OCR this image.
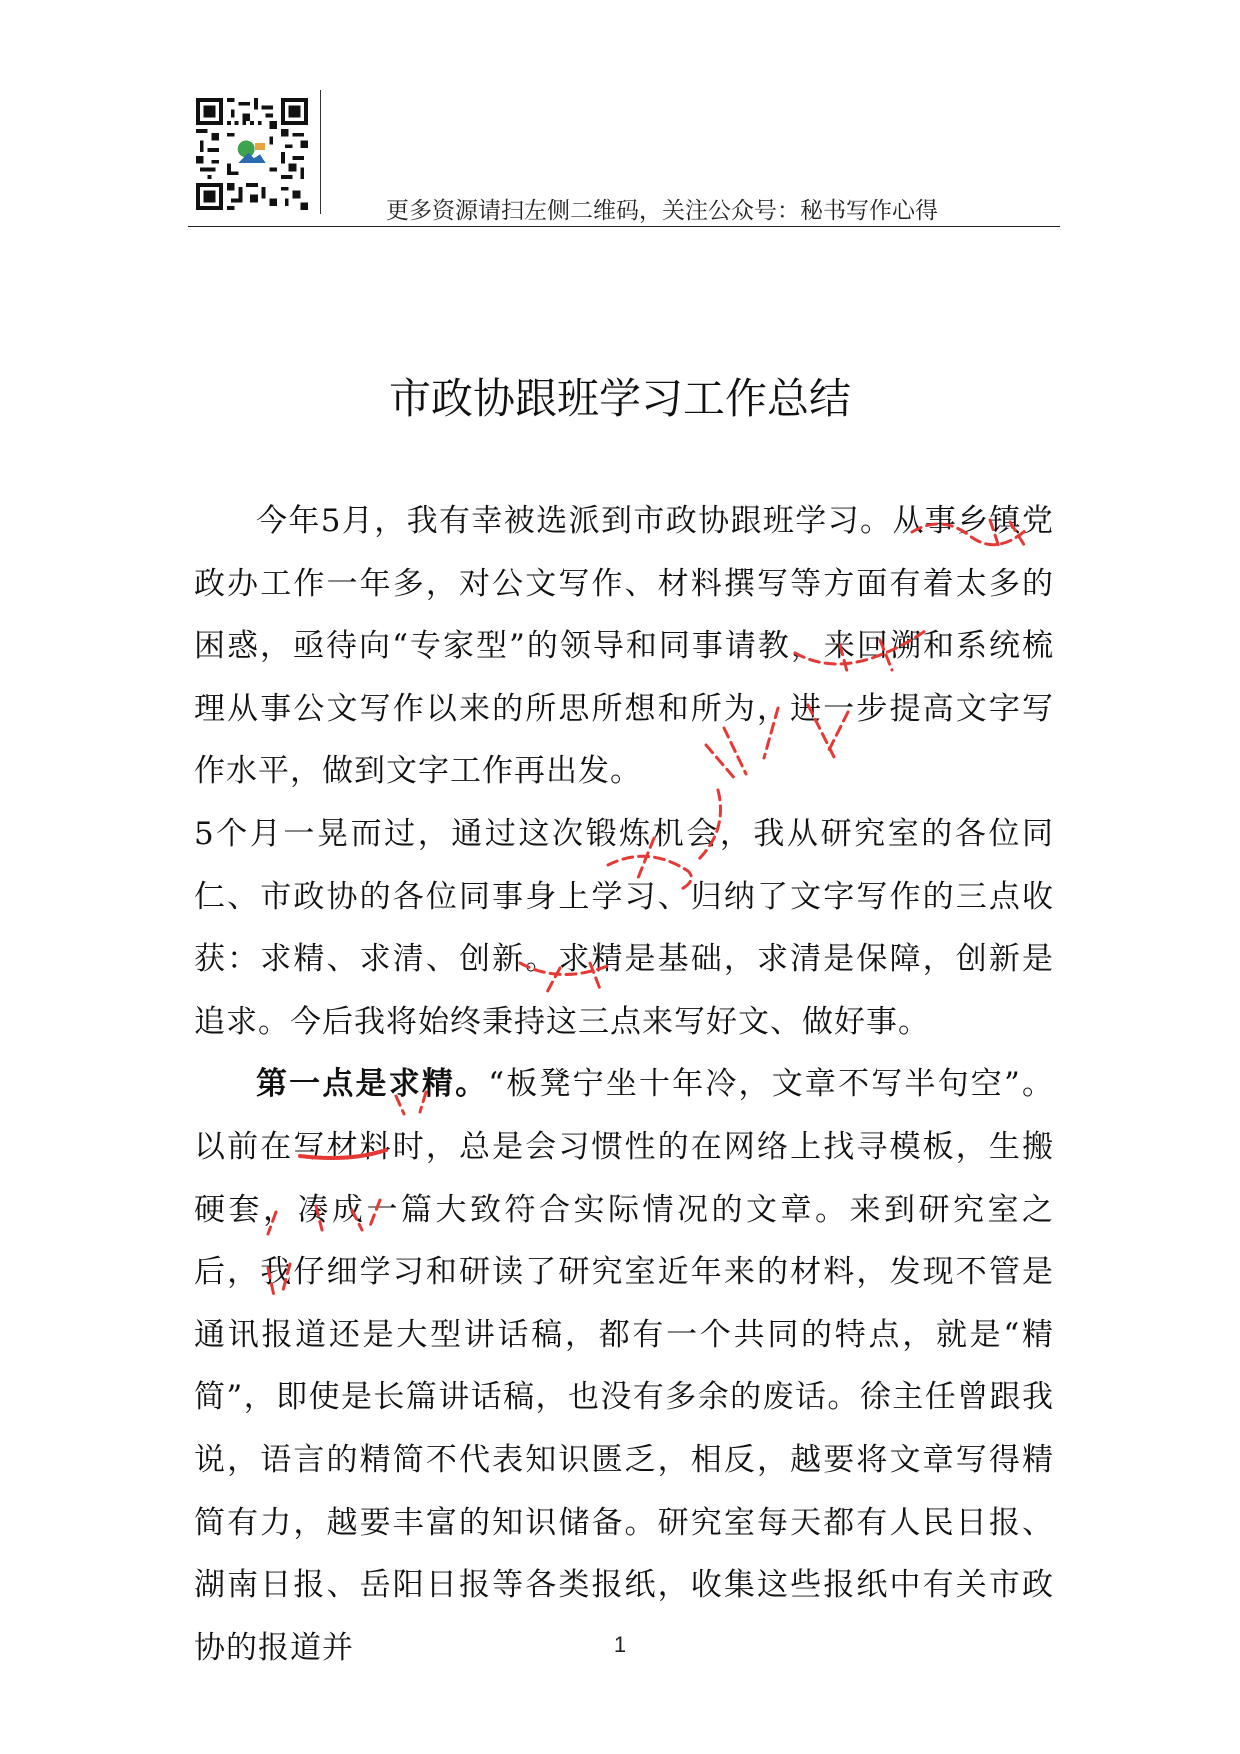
更多资源请扫左侧二维码，关注公众号：秘书写作心得
市政协跟班学习工作总结

今年5月，我有幸被选派到市政协跟班学习。从事乡镇党政办工作一年多，对公文写作、材料撰写等方面有着太多的困惑，亟待向“专家型”的领导和同事请教，来回溯和系统梳理从事公文写作以来的所思所想和所为，进一步提高文字写作水平，做到文字工作再出发。

5个月一晃而过，通过这次锻炼机会，我从研究室的各位同仁、市政协的各位同事身上学习、归纳了文字写作的三点收获：求精、求清、创新。求精是基础，求清是保障，创新是追求。今后我将始终秉持这三点来写好文、做好事。

第一点是求精。“板凳宁坐十年冷，文章不写半句空”。以前在写材料时，总是会习惯性的在网络上找寻模板，生搬硬套，凑成一篇大致符合实际情况的文章。来到研究室之后，我仔细学习和研读了研究室近年来的材料，发现不管是通讯报道还是大型讲话稿，都有一个共同的特点，就是“精简”，即使是长篇讲话稿，也没有多余的废话。徐主任曾跟我说，语言的精简不代表知识匮乏，相反，越要将文章写得精简有力，越要丰富的知识储备。研究室每天都有人民日报、湖南日报、岳阳日报等各类报纸，收集这些报纸中有关市政协的报道并	1
